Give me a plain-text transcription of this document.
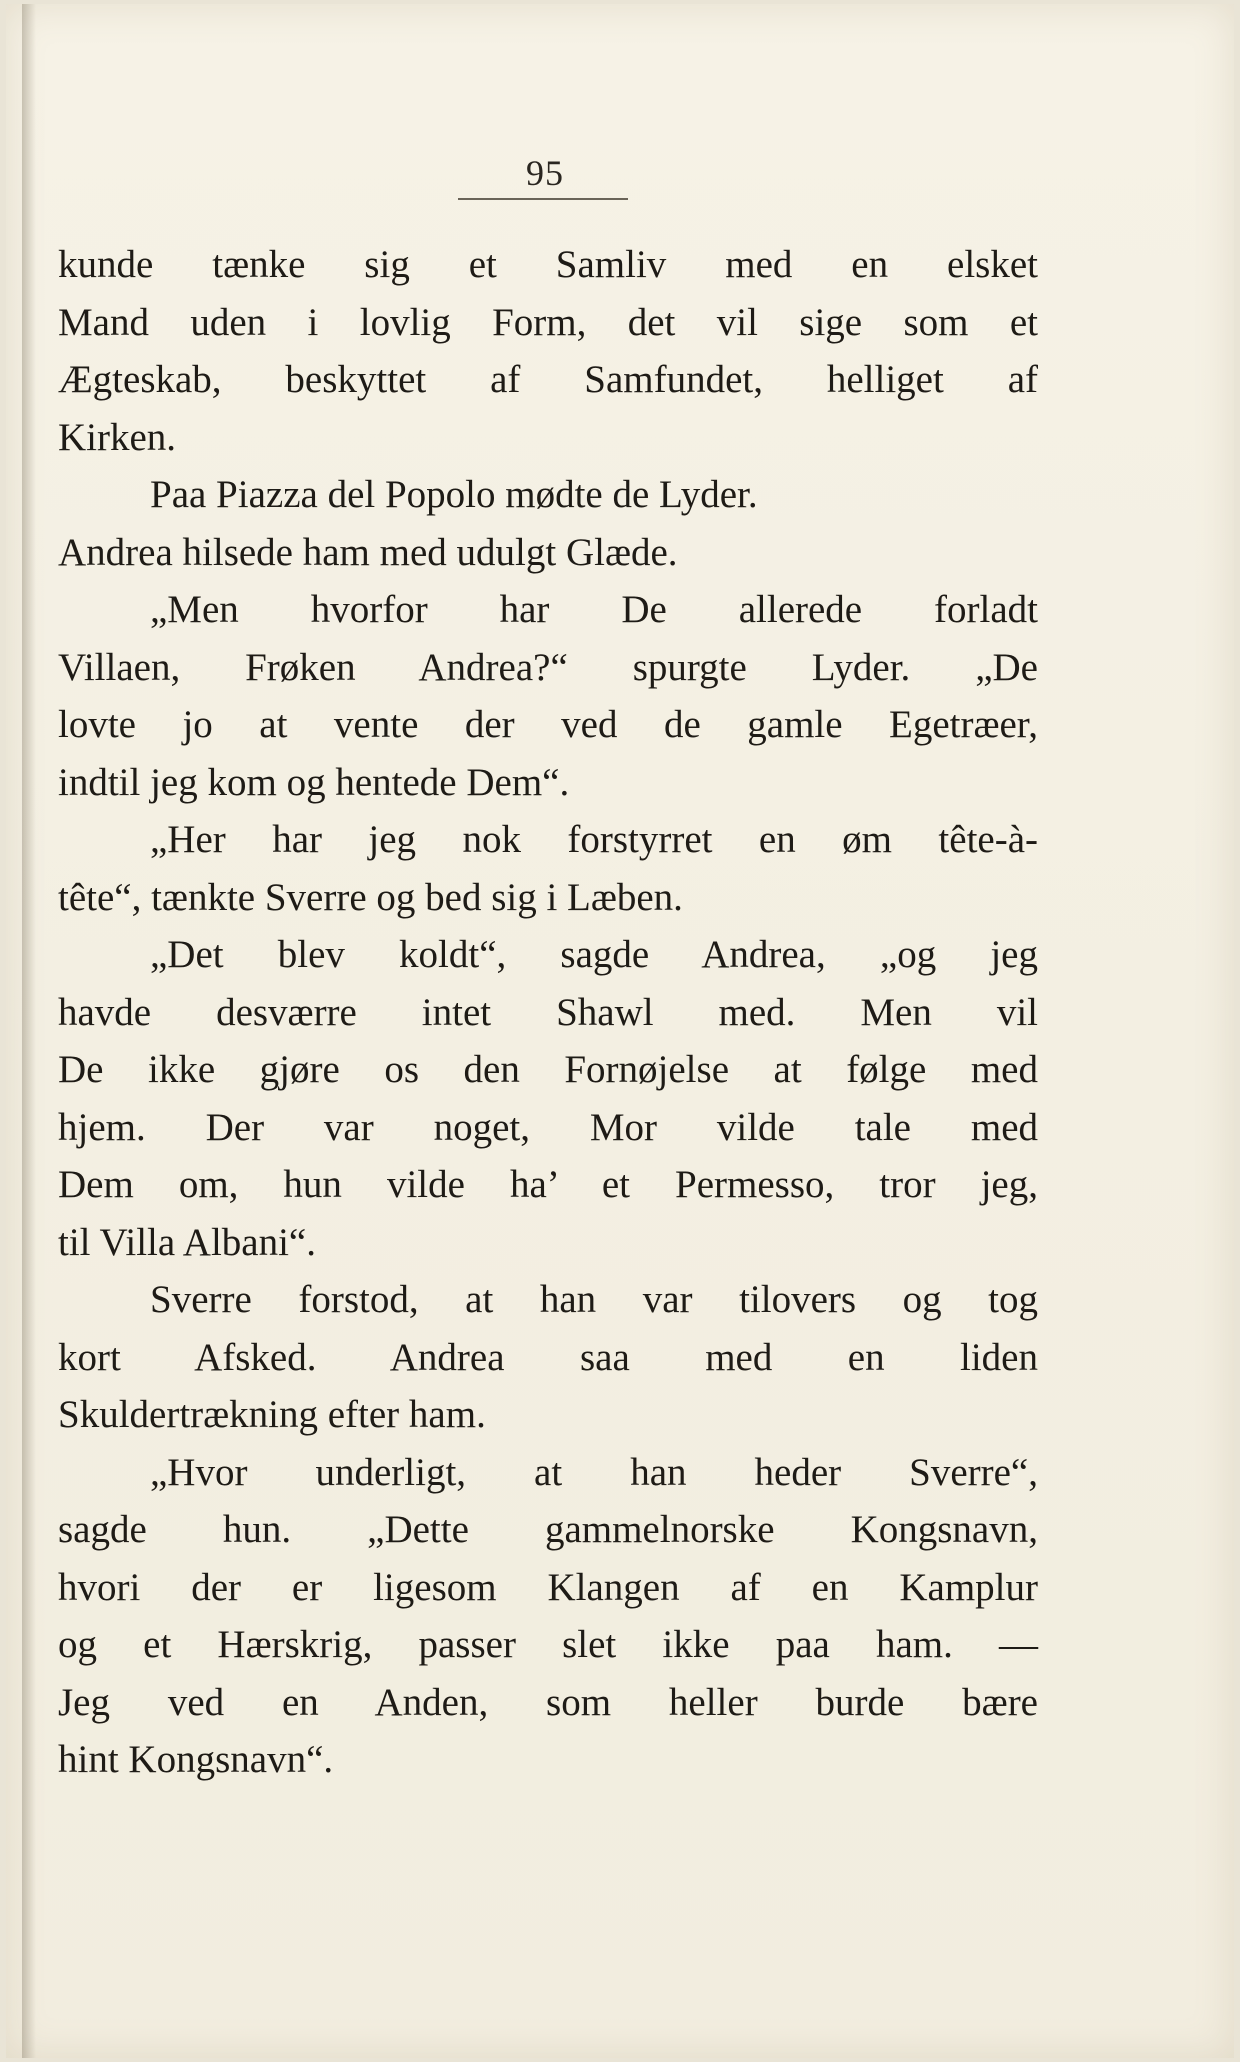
95
kunde tænke sig et Samliv med en elsket
Mand uden i lovlig Form, det vil sige som et
Ægteskab, beskyttet af Samfundet, helliget af
Kirken.
Paa Piazza del Popolo mødte de Lyder.
Andrea hilsede ham med udulgt Glæde.
„Men hvorfor har De allerede forladt
Villaen, Frøken Andrea?“ spurgte Lyder. „De
lovte jo at vente der ved de gamle Egetræer,
indtil jeg kom og hentede Dem“.
„Her har jeg nok forstyrret en øm tête-à-
tête“, tænkte Sverre og bed sig i Læben.
„Det blev koldt“, sagde Andrea, „og jeg
havde desværre intet Shawl med. Men vil
De ikke gjøre os den Fornøjelse at følge med
hjem. Der var noget, Mor vilde tale med
Dem om, hun vilde ha’ et Permesso, tror jeg,
til Villa Albani“.
Sverre forstod, at han var tilovers og tog
kort Afsked. Andrea saa med en liden
Skuldertrækning efter ham.
„Hvor underligt, at han heder Sverre“,
sagde hun. „Dette gammelnorske Kongsnavn,
hvori der er ligesom Klangen af en Kamplur
og et Hærskrig, passer slet ikke paa ham. —
Jeg ved en Anden, som heller burde bære
hint Kongsnavn“.
